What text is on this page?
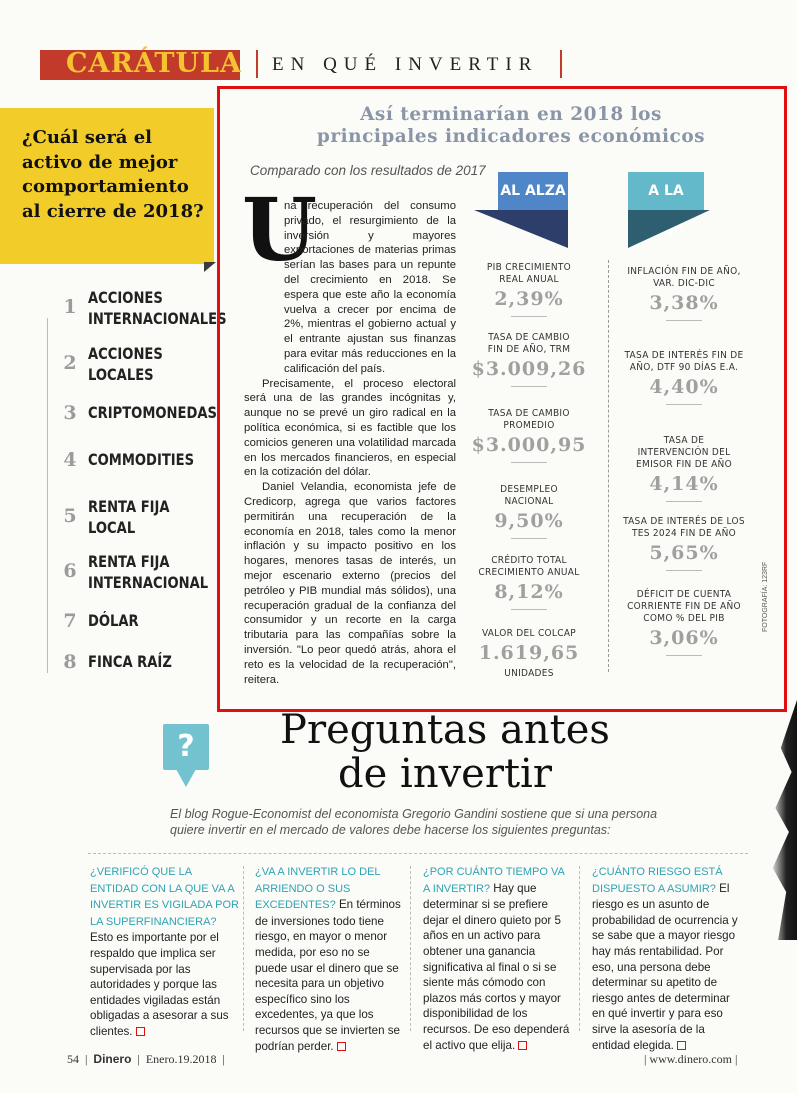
CARÁTULA EN QUÉ INVERTIR
¿Cuál será el activo de mejor comportamiento al cierre de 2018?
1 ACCIONES
INTERNACIONALES
2 ACCIONES
LOCALES
3 CRIPTOMONEDAS
4 COMMODITIES
5 RENTA FIJA
LOCAL
6 RENTA FIJA
INTERNACIONAL
7 DÓLAR
8 FINCA RAÍZ
Así terminarían en 2018 los
principales indicadores económicos
Comparado con los resultados de 2017
U

na recuperación del consumo privado, el resurgimiento de la inversión y mayores exportaciones de materias primas serían las bases para un repunte del crecimiento en 2018. Se espera que este año la economía vuelva a crecer por encima de 2%, mientras el gobierno actual y el entrante ajustan sus finanzas para evitar más reducciones en la calificación del país.

Precisamente, el proceso electoral será una de las grandes incógnitas y, aunque no se prevé un giro radical en la política económica, si es factible que los comicios generen una volatilidad marcada en los mercados financieros, en especial en la cotización del dólar.

Daniel Velandia, economista jefe de Credicorp, agrega que varios factores permitirán una recuperación de la economía en 2018, tales como la menor inflación y su impacto positivo en los hogares, menores tasas de interés, un mejor escenario externo (precios del petróleo y PIB mundial más sólidos), una recuperación gradual de la confianza del consumidor y un recorte en la carga tributaria para las compañías sobre la inversión. "Lo peor quedó atrás, ahora el reto es la velocidad de la recuperación", reitera.

AL ALZA	A LA BAJA
PIB CRECIMIENTO
REAL ANUAL
2,39%
TASA DE CAMBIO
FIN DE AÑO, TRM
$3.009,26
TASA DE CAMBIO
PROMEDIO
$3.000,95
DESEMPLEO
NACIONAL
9,50%
CRÉDITO TOTAL
CRECIMIENTO ANUAL
8,12%
VALOR DEL COLCAP
1.619,65
UNIDADES
INFLACIÓN FIN DE AÑO,
VAR. DIC-DIC
3,38%
TASA DE INTERÉS FIN DE
AÑO, DTF 90 DÍAS E.A.
4,40%
TASA DE
INTERVENCIÓN DEL
EMISOR FIN DE AÑO
4,14%
TASA DE INTERÉS DE LOS
TES 2024 FIN DE AÑO
5,65%
DÉFICIT DE CUENTA
CORRIENTE FIN DE AÑO
COMO % DEL PIB
3,06%
FOTOGRAFÍA: 123RF
?	Preguntas antes
de invertir
El blog Rogue-Economist del economista Gregorio Gandini sostiene que si una persona quiere invertir en el mercado de valores debe hacerse los siguientes preguntas:
¿VERIFICÓ QUE LA ENTIDAD CON LA QUE VA A INVERTIR ES VIGILADA POR LA SUPERFINANCIERA? Esto es importante por el respaldo que implica ser supervisada por las autoridades y porque las entidades vigiladas están obligadas a asesorar a sus clientes.
¿VA A INVERTIR LO DEL ARRIENDO O SUS EXCEDENTES? En términos de inversiones todo tiene riesgo, en mayor o menor medida, por eso no se puede usar el dinero que se necesita para un objetivo específico sino los excedentes, ya que los recursos que se invierten se podrían perder.
¿POR CUÁNTO TIEMPO VA A INVERTIR? Hay que determinar si se prefiere dejar el dinero quieto por 5 años en un activo para obtener una ganancia significativa al final o si se siente más cómodo con plazos más cortos y mayor disponibilidad de los recursos. De eso dependerá el activo que elija.
¿CUÁNTO RIESGO ESTÁ DISPUESTO A ASUMIR? El riesgo es un asunto de probabilidad de ocurrencia y se sabe que a mayor riesgo hay más rentabilidad. Por eso, una persona debe determinar su apetito de riesgo antes de determinar en qué invertir y para eso sirve la asesoría de la entidad elegida.
54  |  Dinero  |  Enero.19.2018  |	| www.dinero.com |
